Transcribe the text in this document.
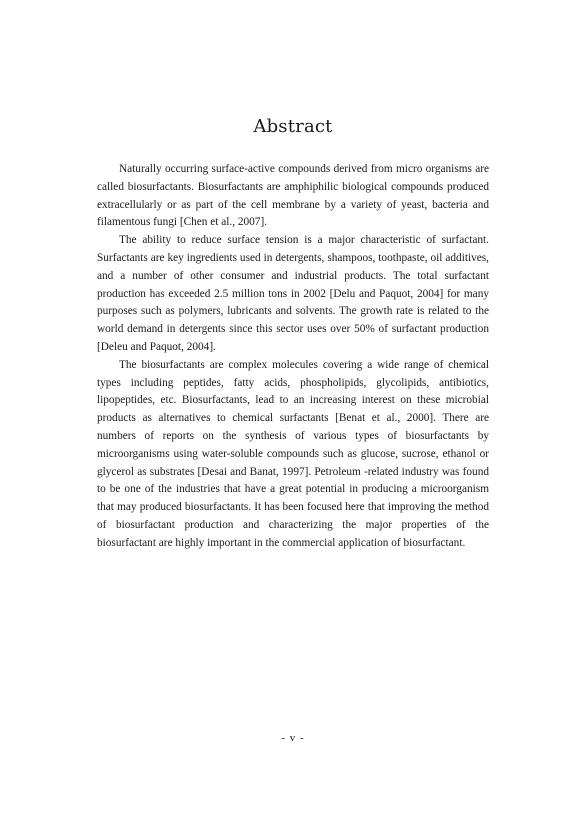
Abstract

Naturally occurring surface-active compounds derived from micro organisms are called biosurfactants. Biosurfactants are amphiphilic biological compounds produced extracellularly or as part of the cell membrane by a variety of yeast, bacteria and filamentous fungi [Chen et al., 2007].

The ability to reduce surface tension is a major characteristic of surfactant. Surfactants are key ingredients used in detergents, shampoos, toothpaste, oil additives, and a number of other consumer and industrial products. The total surfactant production has exceeded 2.5 million tons in 2002 [Delu and Paquot, 2004] for many purposes such as polymers, lubricants and solvents. The growth rate is related to the world demand in detergents since this sector uses over 50% of surfactant production [Deleu and Paquot, 2004].

The biosurfactants are complex molecules covering a wide range of chemical types including peptides, fatty acids, phospholipids, glycolipids, antibiotics, lipopeptides, etc. Biosurfactants, lead to an increasing interest on these microbial products as alternatives to chemical surfactants [Benat et al., 2000]. There are numbers of reports on the synthesis of various types of biosurfactants by microorganisms using water-soluble compounds such as glucose, sucrose, ethanol or glycerol as substrates [Desai and Banat, 1997]. Petroleum -related industry was found to be one of the industries that have a great potential in producing a microorganism that may produced biosurfactants. It has been focused here that improving the method of biosurfactant production and characterizing the major properties of the biosurfactant are highly important in the commercial application of biosurfactant.

- v -
